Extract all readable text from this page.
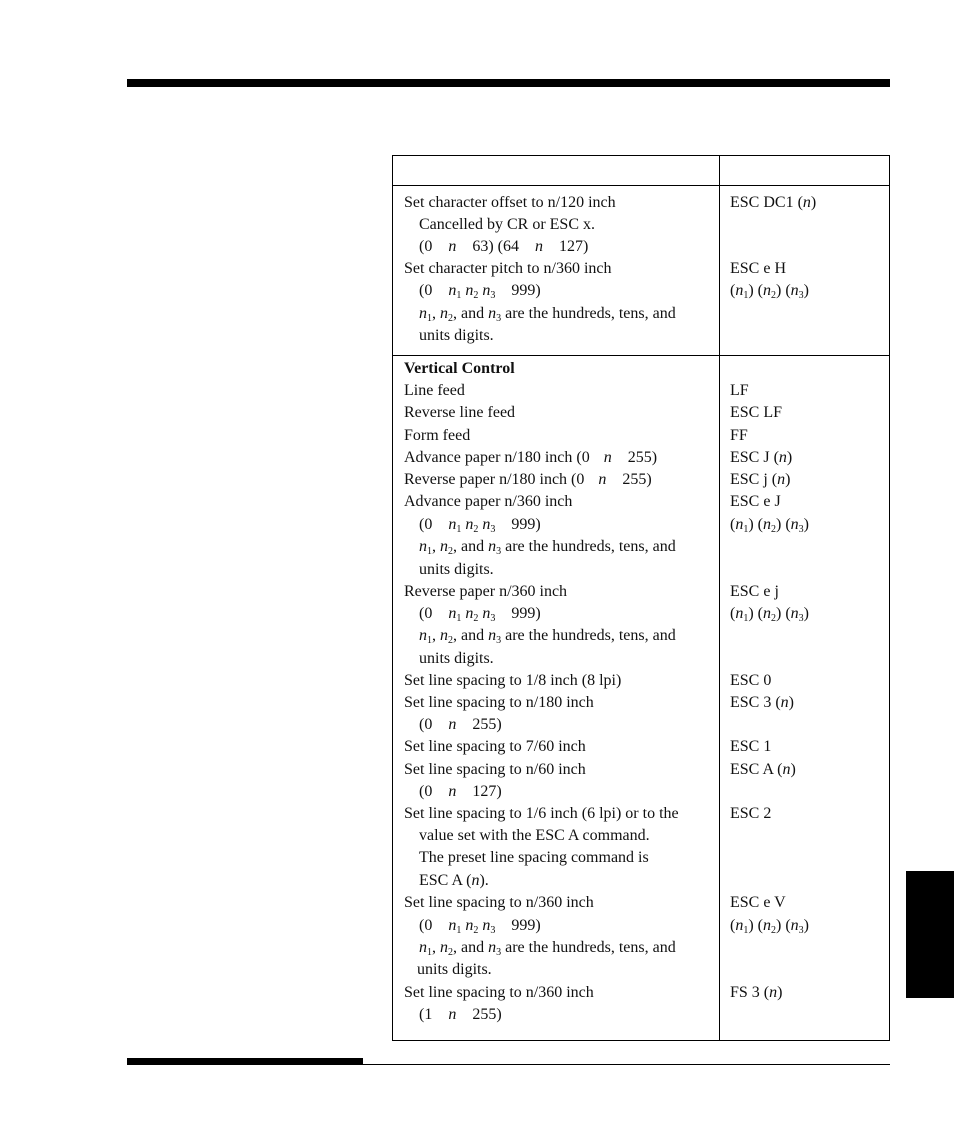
Set character offset to n/120 inch	ESC DC1 (n)
Cancelled by CR or ESC x.
(0 n 63) (64 n 127)
Set character pitch to n/360 inch	ESC e H
(0 $n_1$ $n_2$ $n_3$ 999)	$(n_1)$ $(n_2)$ $(n_3)$
$n_1$, $n_2$, and $n_3$ are the hundreds, tens, and
units digits.
Vertical Control
Line feed	LF
Reverse line feed	ESC LF
Form feed	FF
Advance paper n/180 inch (0 n 255)	ESC J (n)
Reverse paper n/180 inch (0 n 255)	ESC j (n)
Advance paper n/360 inch	ESC e J
(0 $n_1$ $n_2$ $n_3$ 999)	$(n_1)$ $(n_2)$ $(n_3)$
$n_1$, $n_2$, and $n_3$ are the hundreds, tens, and
units digits.
Reverse paper n/360 inch	ESC e j
(0 $n_1$ $n_2$ $n_3$ 999)	$(n_1)$ $(n_2)$ $(n_3)$
$n_1$, $n_2$, and $n_3$ are the hundreds, tens, and
units digits.
Set line spacing to 1/8 inch (8 lpi)	ESC 0
Set line spacing to n/180 inch	ESC 3 (n)
(0 n 255)
Set line spacing to 7/60 inch	ESC 1
Set line spacing to n/60 inch	ESC A (n)
(0 n 127)
Set line spacing to 1/6 inch (6 lpi) or to the	ESC 2
value set with the ESC A command.
The preset line spacing command is
ESC A (n).
Set line spacing to n/360 inch	ESC e V
(0 $n_1$ $n_2$ $n_3$ 999)	$(n_1)$ $(n_2)$ $(n_3)$
$n_1$, $n_2$, and $n_3$ are the hundreds, tens, and
units digits.
Set line spacing to n/360 inch	FS 3 (n)
(1 n 255)
